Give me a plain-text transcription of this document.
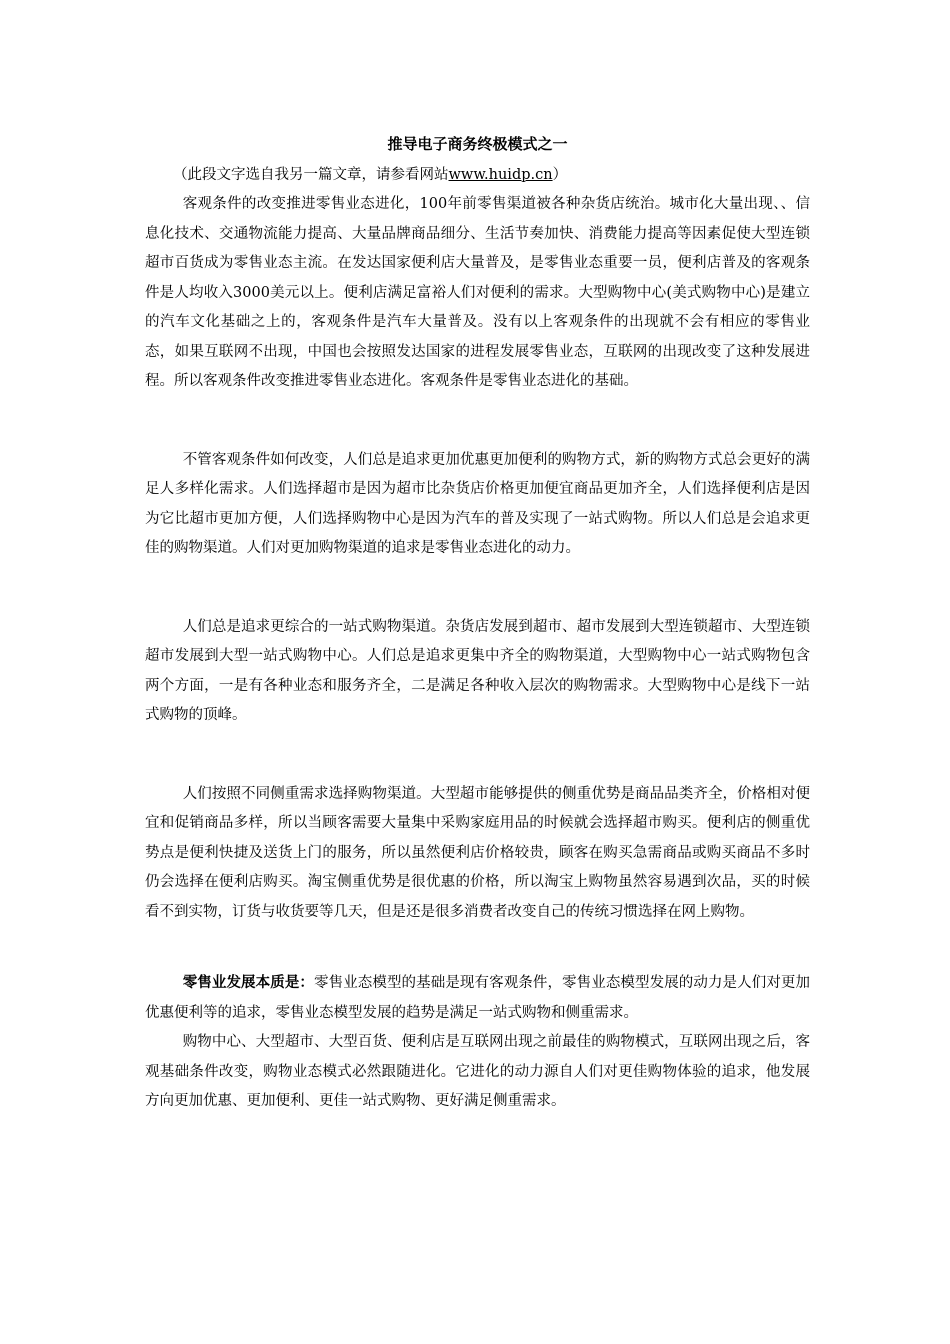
推导电子商务终极模式之一
（此段文字选自我另一篇文章，请参看网站www.huidp.cn）

客观条件的改变推进零售业态进化，100年前零售渠道被各种杂货店统治。城市化大量出现、、信息化技术、交通物流能力提高、大量品牌商品细分、生活节奏加快、消费能力提高等因素促使大型连锁超市百货成为零售业态主流。在发达国家便利店大量普及，是零售业态重要一员，便利店普及的客观条件是人均收入3000美元以上。便利店满足富裕人们对便利的需求。大型购物中心(美式购物中心)是建立的汽车文化基础之上的，客观条件是汽车大量普及。没有以上客观条件的出现就不会有相应的零售业态，如果互联网不出现，中国也会按照发达国家的进程发展零售业态，互联网的出现改变了这种发展进程。所以客观条件改变推进零售业态进化。客观条件是零售业态进化的基础。

不管客观条件如何改变，人们总是追求更加优惠更加便利的购物方式，新的购物方式总会更好的满足人多样化需求。人们选择超市是因为超市比杂货店价格更加便宜商品更加齐全，人们选择便利店是因为它比超市更加方便，人们选择购物中心是因为汽车的普及实现了一站式购物。所以人们总是会追求更佳的购物渠道。人们对更加购物渠道的追求是零售业态进化的动力。

人们总是追求更综合的一站式购物渠道。杂货店发展到超市、超市发展到大型连锁超市、大型连锁超市发展到大型一站式购物中心。人们总是追求更集中齐全的购物渠道，大型购物中心一站式购物包含两个方面，一是有各种业态和服务齐全，二是满足各种收入层次的购物需求。大型购物中心是线下一站式购物的顶峰。

人们按照不同侧重需求选择购物渠道。大型超市能够提供的侧重优势是商品品类齐全，价格相对便宜和促销商品多样，所以当顾客需要大量集中采购家庭用品的时候就会选择超市购买。便利店的侧重优势点是便利快捷及送货上门的服务，所以虽然便利店价格较贵，顾客在购买急需商品或购买商品不多时仍会选择在便利店购买。淘宝侧重优势是很优惠的价格，所以淘宝上购物虽然容易遇到次品，买的时候看不到实物，订货与收货要等几天，但是还是很多消费者改变自己的传统习惯选择在网上购物。

零售业发展本质是：零售业态模型的基础是现有客观条件，零售业态模型发展的动力是人们对更加优惠便利等的追求，零售业态模型发展的趋势是满足一站式购物和侧重需求。

购物中心、大型超市、大型百货、便利店是互联网出现之前最佳的购物模式，互联网出现之后，客观基础条件改变，购物业态模式必然跟随进化。它进化的动力源自人们对更佳购物体验的追求，他发展方向更加优惠、更加便利、更佳一站式购物、更好满足侧重需求。
